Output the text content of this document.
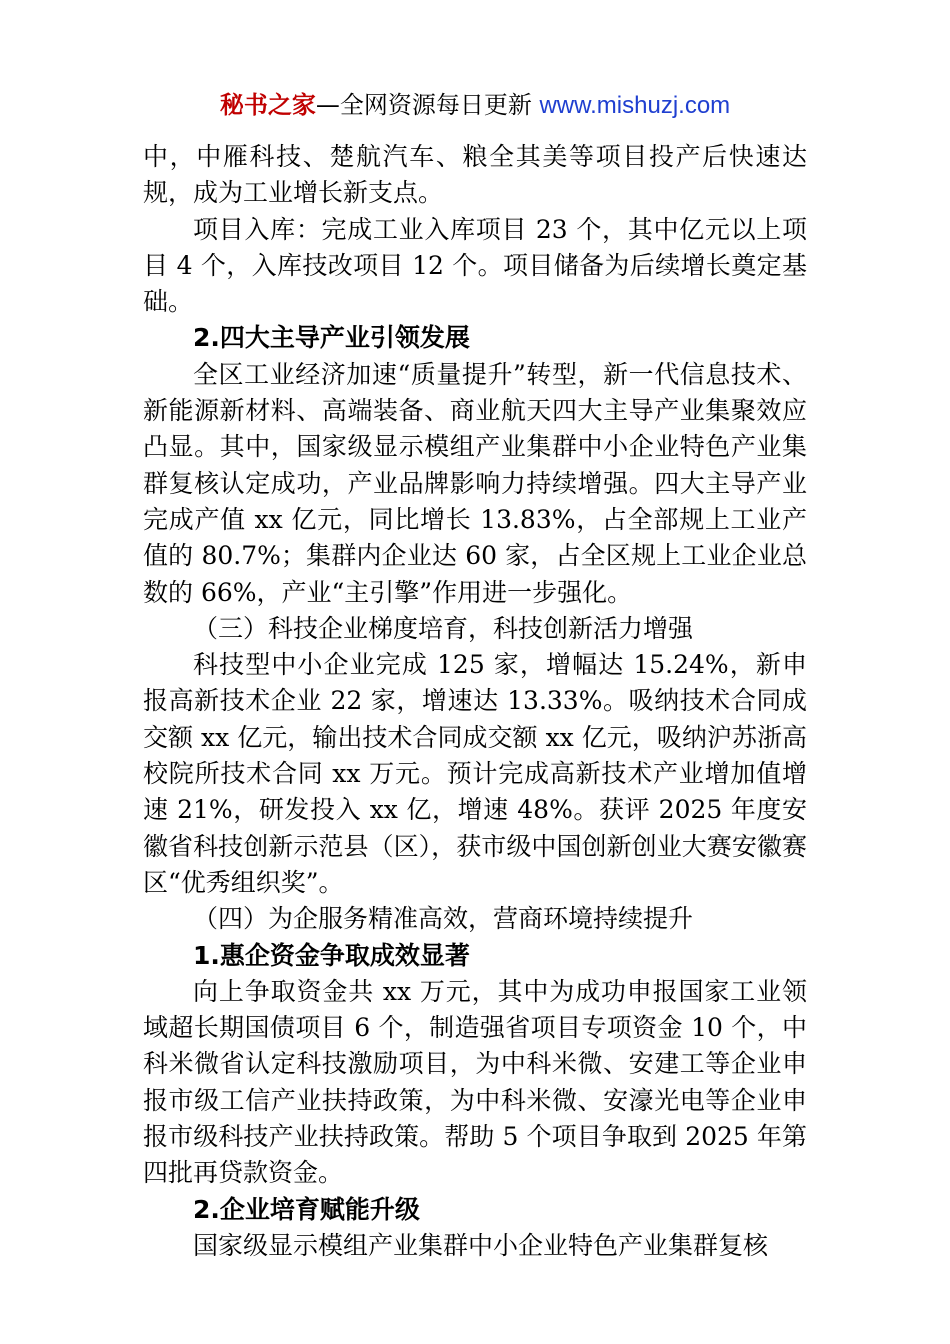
秘书之家—全网资源每日更新 www.mishuzj.com

中，中雁科技、楚航汽车、粮全其美等项目投产后快速达规，成为工业增长新支点。

项目入库：完成工业入库项目 23 个，其中亿元以上项目 4 个，入库技改项目 12 个。项目储备为后续增长奠定基础。

2.四大主导产业引领发展

全区工业经济加速“质量提升”转型，新一代信息技术、新能源新材料、高端装备、商业航天四大主导产业集聚效应凸显。其中，国家级显示模组产业集群中小企业特色产业集群复核认定成功，产业品牌影响力持续增强。四大主导产业完成产值 xx 亿元，同比增长 13.83%，占全部规上工业产值的 80.7%；集群内企业达 60 家，占全区规上工业企业总数的 66%，产业“主引擎”作用进一步强化。

（三）科技企业梯度培育，科技创新活力增强

科技型中小企业完成 125 家，增幅达 15.24%，新申报高新技术企业 22 家，增速达 13.33%。吸纳技术合同成交额 xx 亿元，输出技术合同成交额 xx 亿元，吸纳沪苏浙高校院所技术合同 xx 万元。预计完成高新技术产业增加值增速 21%，研发投入 xx 亿，增速 48%。获评 2025 年度安徽省科技创新示范县（区），获市级中国创新创业大赛安徽赛区“优秀组织奖”。

（四）为企服务精准高效，营商环境持续提升

1.惠企资金争取成效显著

向上争取资金共 xx 万元，其中为成功申报国家工业领域超长期国债项目 6 个，制造强省项目专项资金 10 个，中科米微省认定科技激励项目，为中科米微、安建工等企业申报市级工信产业扶持政策，为中科米微、安濠光电等企业申报市级科技产业扶持政策。帮助 5 个项目争取到 2025 年第四批再贷款资金。

2.企业培育赋能升级

国家级显示模组产业集群中小企业特色产业集群复核
